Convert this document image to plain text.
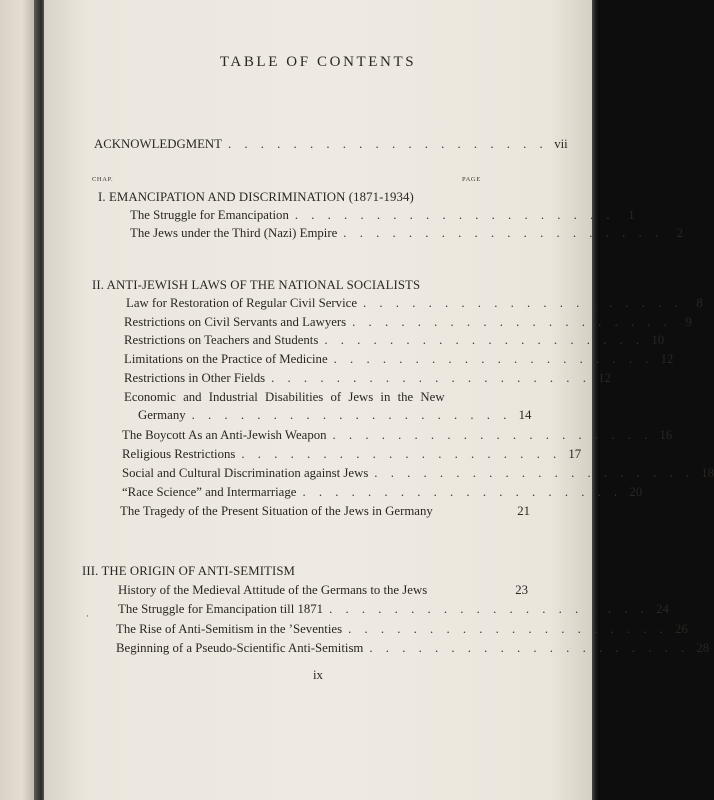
TABLE OF CONTENTS
ACKNOWLEDGMENT . . . . . . . . . . . . . . . . . . . . vii
CHAP.	PAGE
I. EMANCIPATION AND DISCRIMINATION (1871-1934)
The Struggle for Emancipation . . . . . . . . . . . . . . . . . . . .	1
The Jews under the Third (Nazi) Empire . . . . . . . . . . . . . . . . . . . .	2
II. ANTI-JEWISH LAWS OF THE NATIONAL SOCIALISTS
Law for Restoration of Regular Civil Service . . . . . . . . . . . . . . . . . . . .	8
Restrictions on Civil Servants and Lawyers . . . . . . . . . . . . . . . . . . . .	9
Restrictions on Teachers and Students . . . . . . . . . . . . . . . . . . . . 10
Limitations on the Practice of Medicine . . . . . . . . . . . . . . . . . . . . 12
Restrictions in Other Fields . . . . . . . . . . . . . . . . . . . . 12
Economic and Industrial Disabilities of Jews in the New
Germany . . . . . . . . . . . . . . . . . . . . 14
The Boycott As an Anti-Jewish Weapon . . . . . . . . . . . . . . . . . . . . 16
Religious Restrictions . . . . . . . . . . . . . . . . . . . . 17
Social and Cultural Discrimination against Jews . . . . . . . . . . . . . . . . . . . . 18
“Race Science” and Intermarriage . . . . . . . . . . . . . . . . . . . . 20
The Tragedy of the Present Situation of the Jews in Germany	21
III. THE ORIGIN OF ANTI-SEMITISM
History of the Medieval Attitude of the Germans to the Jews	23
The Struggle for Emancipation till 1871 . . . . . . . . . . . . . . . . . . . . 24
The Rise of Anti-Semitism in the ’Seventies . . . . . . . . . . . . . . . . . . . . 26
Beginning of a Pseudo-Scientific Anti-Semitism . . . . . . . . . . . . . . . . . . . . 28
·
ix
